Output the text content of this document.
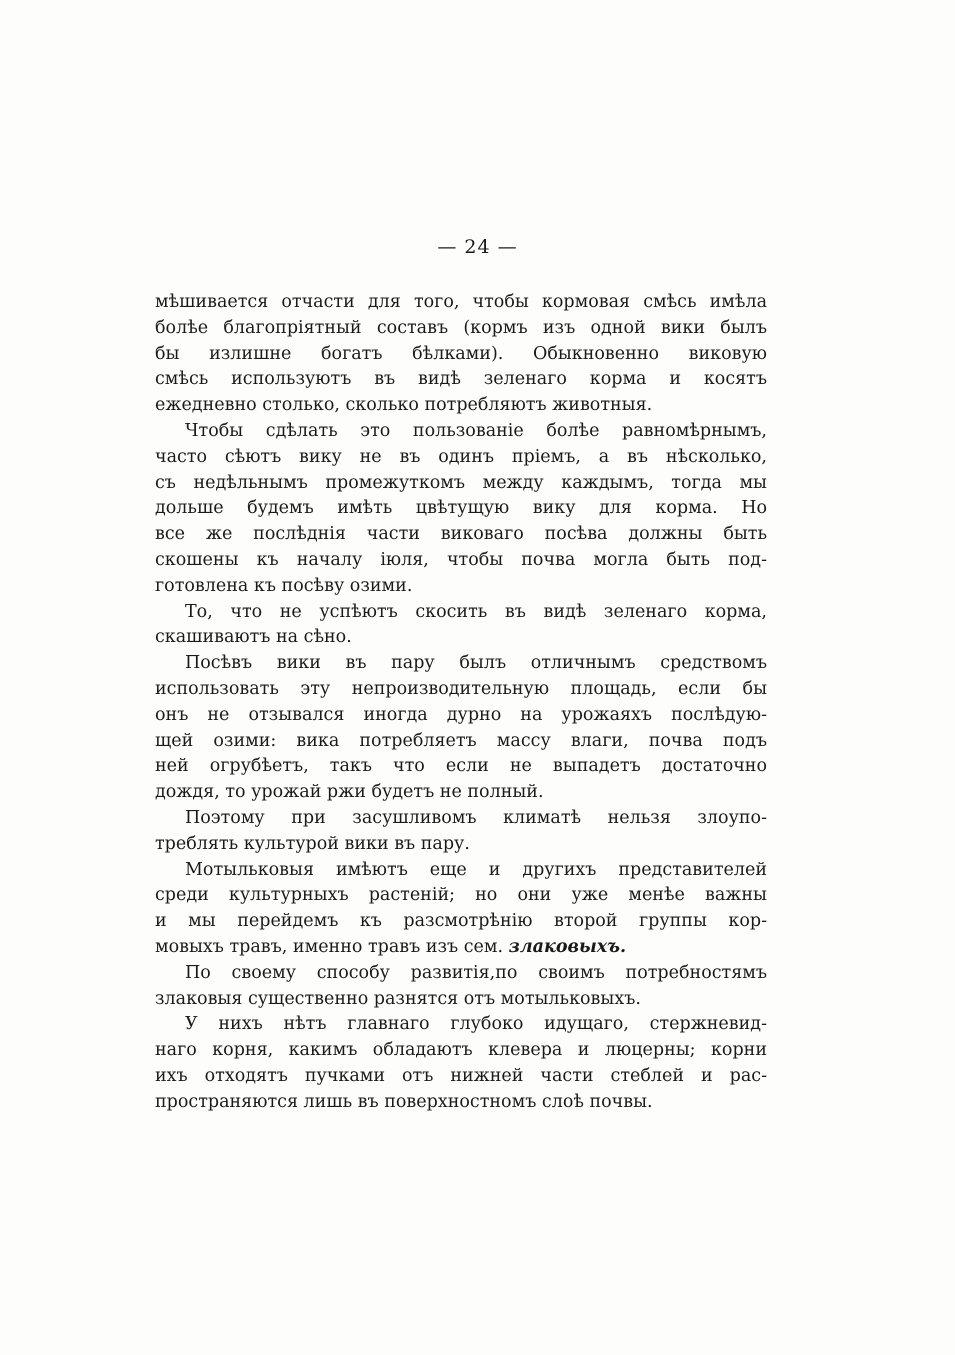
— 24 —
мѣшивается отчасти для того, чтобы кормовая смѣсь имѣла
болѣе благопріятный составъ (кормъ изъ одной вики былъ
бы излишне богатъ бѣлками). Обыкновенно виковую
смѣсь используютъ въ видѣ зеленаго корма и косятъ
ежедневно столько, сколько потребляютъ животныя.
Чтобы сдѣлать это пользованіе болѣе равномѣрнымъ,
часто сѣютъ вику не въ одинъ пріемъ, а въ нѣсколько,
съ недѣльнымъ промежуткомъ между каждымъ, тогда мы
дольше будемъ имѣть цвѣтущую вику для корма. Но
все же послѣднія части виковаго посѣва должны быть
скошены къ началу іюля, чтобы почва могла быть под-
готовлена къ посѣву озими.
То, что не успѣютъ скосить въ видѣ зеленаго корма,
скашиваютъ на сѣно.
Посѣвъ вики въ пару былъ отличнымъ средствомъ
использовать эту непроизводительную площадь, если бы
онъ не отзывался иногда дурно на урожаяхъ послѣдую-
щей озими: вика потребляетъ массу влаги, почва подъ
ней огрубѣетъ, такъ что если не выпадетъ достаточно
дождя, то урожай ржи будетъ не полный.
Поэтому при засушливомъ климатѣ нельзя злоупо-
треблять культурой вики въ пару.
Мотыльковыя имѣютъ еще и другихъ представителей
среди культурныхъ растеній; но они уже менѣе важны
и мы перейдемъ къ разсмотрѣнію второй группы кор-
мовыхъ травъ, именно травъ изъ сем. злаковыхъ.
По своему способу развитія,по своимъ потребностямъ
злаковыя существенно разнятся отъ мотыльковыхъ.
У нихъ нѣтъ главнаго глубоко идущаго, стержневид-
наго корня, какимъ обладаютъ клевера и люцерны; корни
ихъ отходятъ пучками отъ нижней части стеблей и рас-
пространяются лишь въ поверхностномъ слоѣ почвы.
